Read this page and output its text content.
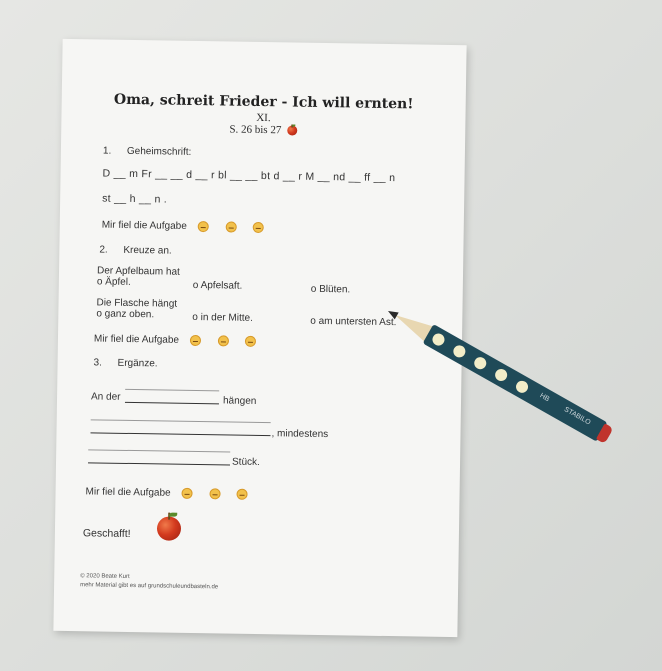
Oma, schreit Frieder - Ich will ernten!
XI.
S. 26 bis 27
1. Geheimschrift:
D __ m Fr __ __ d __ r bl __ __ bt d __ r M __ nd __ ff __ n
st __ h __ n .
Mir fiel die Aufgabe
2. Kreuze an.
Der Apfelbaum hat
o Äpfel.	o Apfelsaft.	o Blüten.
Die Flasche hängt
o ganz oben.	o in der Mitte.	o am untersten Ast.
Mir fiel die Aufgabe
3. Ergänze.
An der	hängen
, mindestens
Stück.
Mir fiel die Aufgabe
Geschafft!
© 2020 Beate Kurt
mehr Material gibt es auf grundschuleundbasteln.de
HB
STABILO
